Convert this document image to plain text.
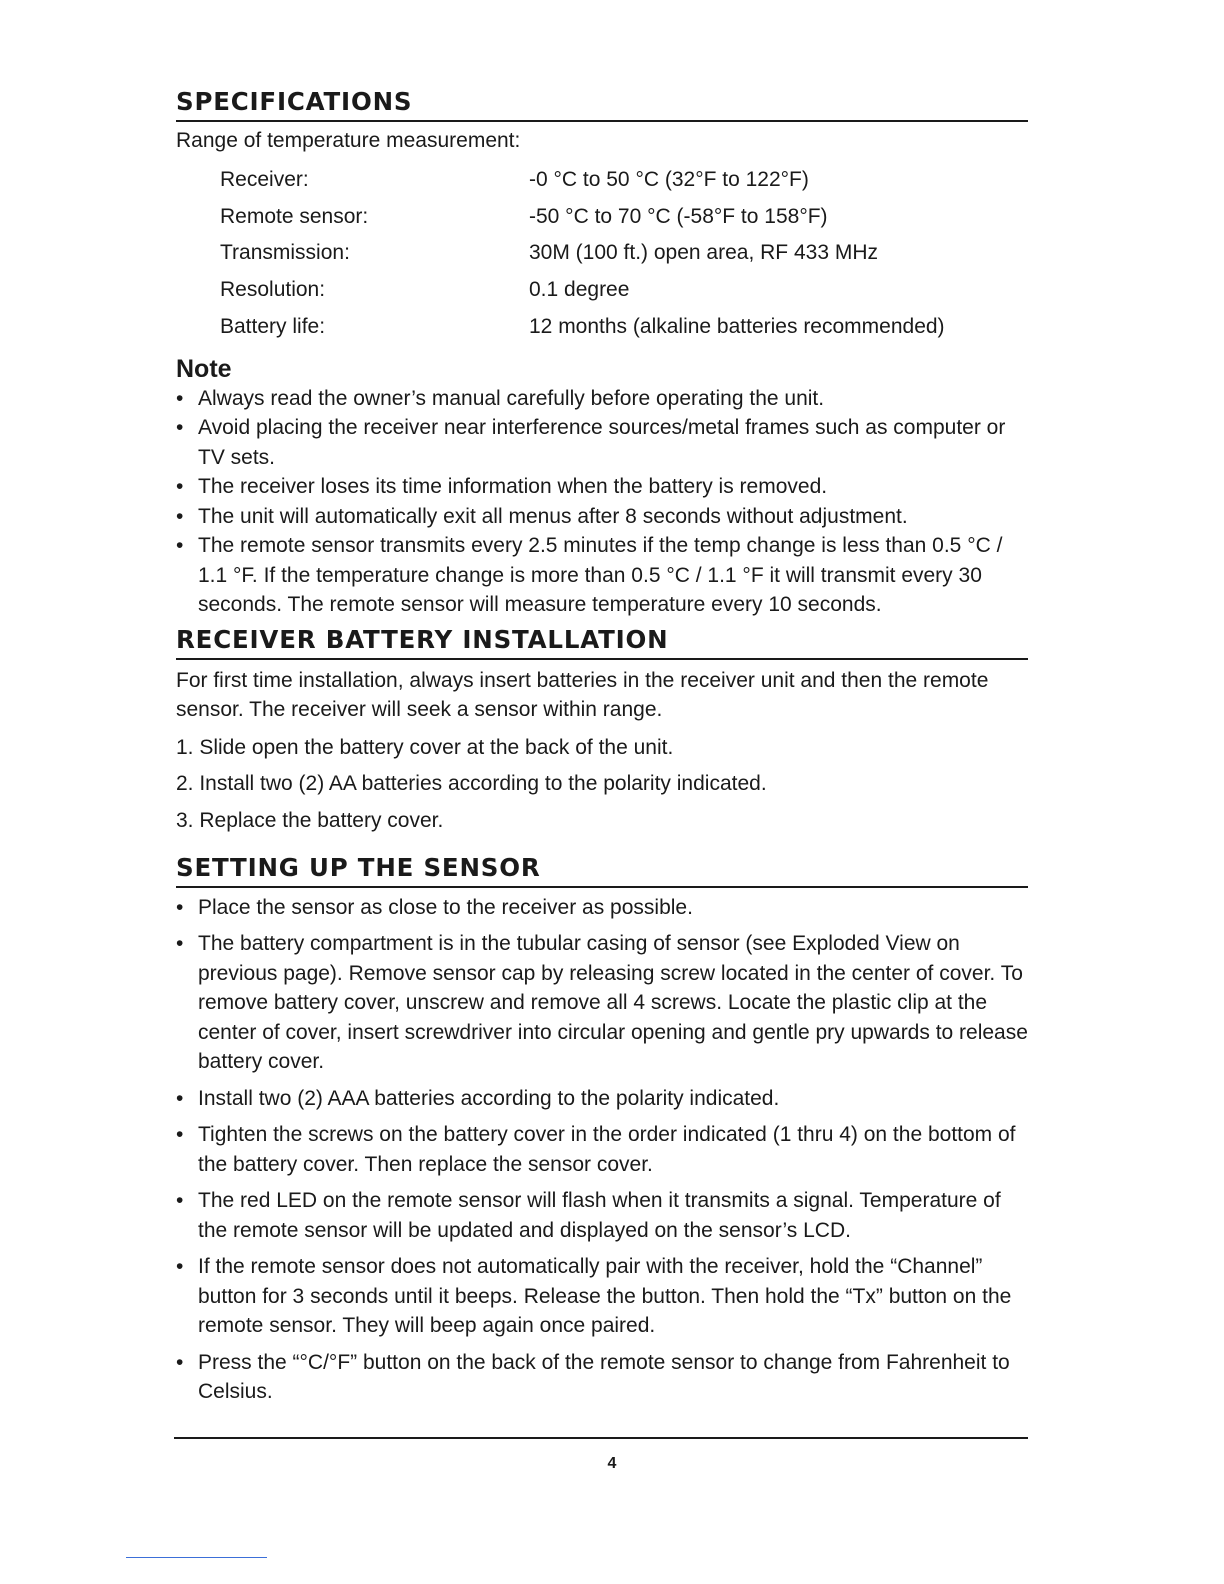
SPECIFICATIONS

Range of temperature measurement:

Receiver:	-0 °C to 50 °C (32°F to 122°F)
Remote sensor:	-50 °C to 70 °C (-58°F to 158°F)
Transmission:	30M (100 ft.) open area, RF 433 MHz
Resolution:	0.1 degree
Battery life:	12 months (alkaline batteries recommended)
Note
• Always read the owner’s manual carefully before operating the unit.
• Avoid placing the receiver near interference sources/metal frames such as computer or TV sets.
• The receiver loses its time information when the battery is removed.
• The unit will automatically exit all menus after 8 seconds without adjustment.
• The remote sensor transmits every 2.5 minutes if the temp change is less than 0.5 °C / 1.1 °F. If the temperature change is more than 0.5 °C / 1.1 °F it will transmit every 30 seconds. The remote sensor will measure temperature every 10 seconds.
RECEIVER BATTERY INSTALLATION

For first time installation, always insert batteries in the receiver unit and then the remote sensor. The receiver will seek a sensor within range.

1. Slide open the battery cover at the back of the unit.
2. Install two (2) AA batteries according to the polarity indicated.
3. Replace the battery cover.
SETTING UP THE SENSOR
• Place the sensor as close to the receiver as possible.
• The battery compartment is in the tubular casing of sensor (see Exploded View on previous page). Remove sensor cap by releasing screw located in the center of cover. To remove battery cover, unscrew and remove all 4 screws. Locate the plastic clip at the center of cover, insert screwdriver into circular opening and gentle pry upwards to release battery cover.
• Install two (2) AAA batteries according to the polarity indicated.
• Tighten the screws on the battery cover in the order indicated (1 thru 4) on the bottom of the battery cover. Then replace the sensor cover.
• The red LED on the remote sensor will flash when it transmits a signal. Temperature of the remote sensor will be updated and displayed on the sensor’s LCD.
• If the remote sensor does not automatically pair with the receiver, hold the “Channel” button for 3 seconds until it beeps. Release the button. Then hold the “Tx” button on the remote sensor. They will beep again once paired.
• Press the “°C/°F” button on the back of the remote sensor to change from Fahrenheit to Celsius.
4
